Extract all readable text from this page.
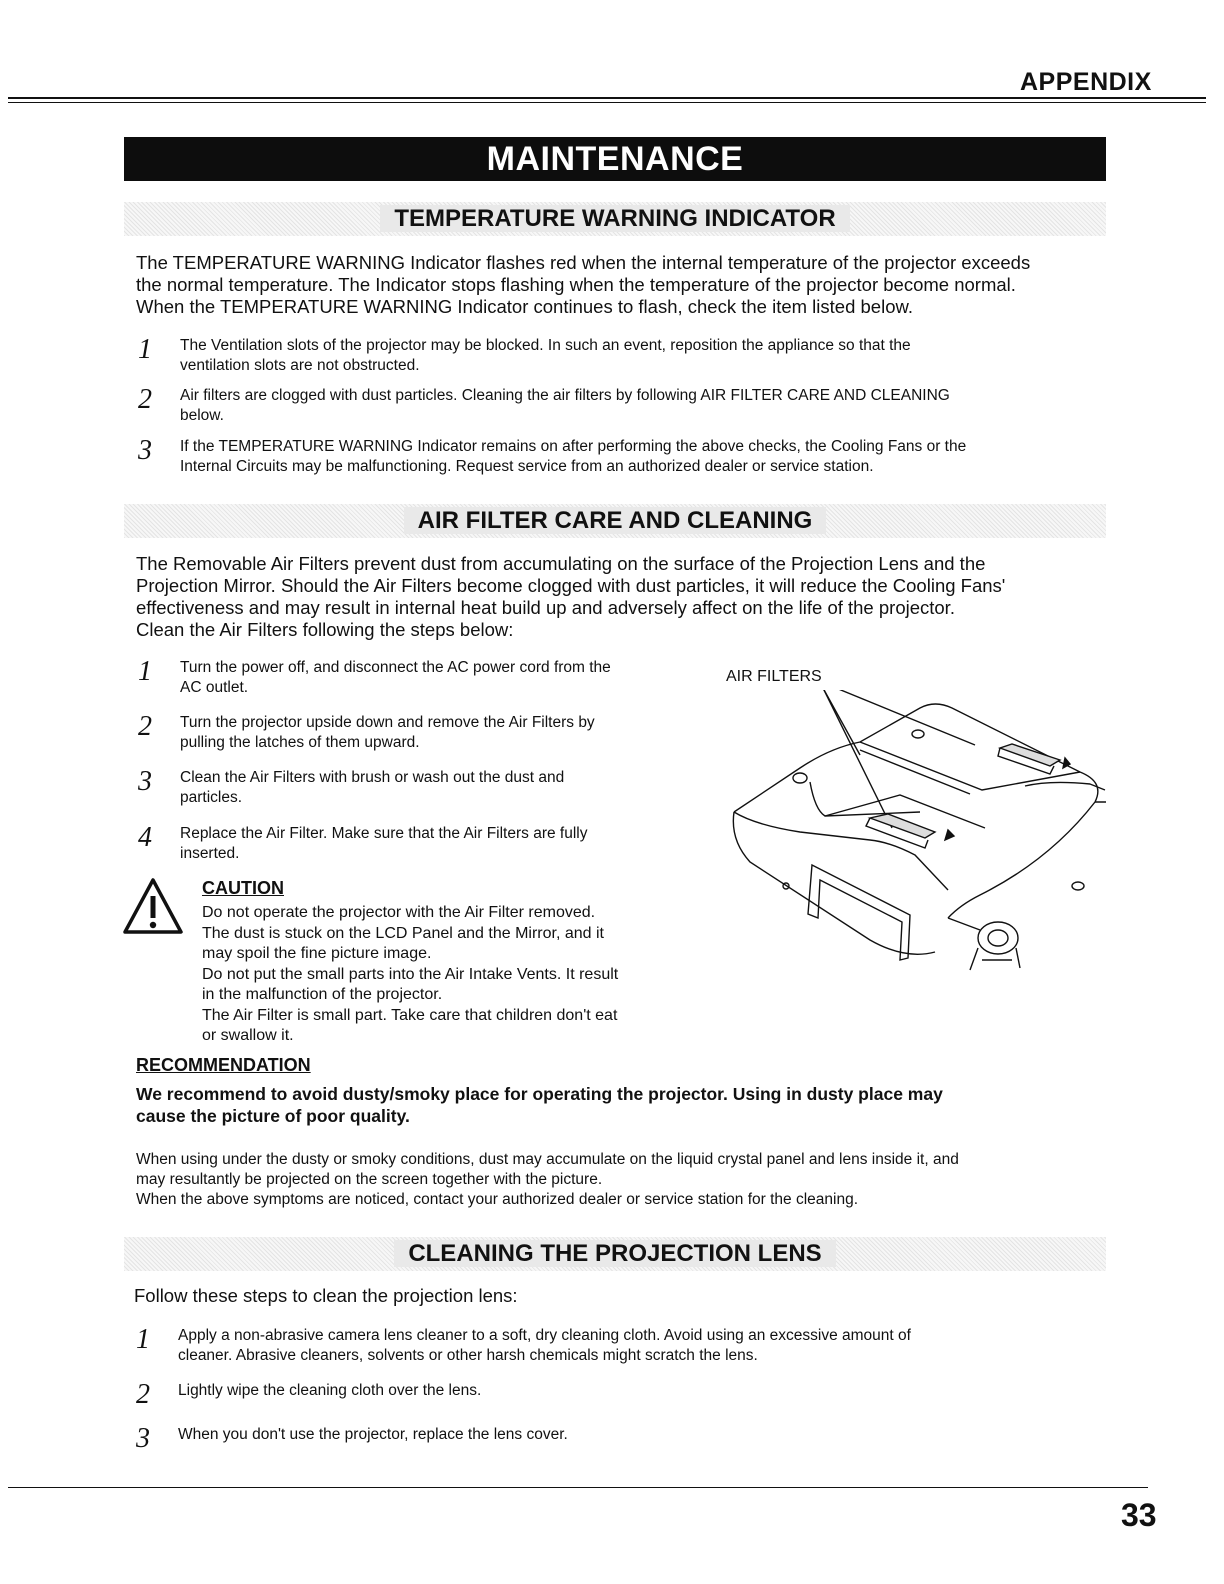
APPENDIX
MAINTENANCE
TEMPERATURE WARNING INDICATOR
The TEMPERATURE WARNING Indicator flashes red when the internal temperature of the projector exceeds
the normal temperature. The Indicator stops flashing when the temperature of the projector become normal.
When the TEMPERATURE WARNING Indicator continues to flash, check the item listed below.
1 The Ventilation slots of the projector may be blocked. In such an event, reposition the appliance so that the
ventilation slots are not obstructed.
2 Air filters are clogged with dust particles. Cleaning the air filters by following AIR FILTER CARE AND CLEANING
below.
3 If the TEMPERATURE WARNING Indicator remains on after performing the above checks, the Cooling Fans or the
Internal Circuits may be malfunctioning. Request service from an authorized dealer or service station.
AIR FILTER CARE AND CLEANING
The Removable Air Filters prevent dust from accumulating on the surface of the Projection Lens and the
Projection Mirror. Should the Air Filters become clogged with dust particles, it will reduce the Cooling Fans'
effectiveness and may result in internal heat build up and adversely affect on the life of the projector.
Clean the Air Filters following the steps below:
1 Turn the power off, and disconnect the AC power cord from the
AC outlet.
2 Turn the projector upside down and remove the Air Filters by
pulling the latches of them upward.
3 Clean the Air Filters with brush or wash out the dust and
particles.
4 Replace the Air Filter. Make sure that the Air Filters are fully
inserted.
CAUTION
Do not operate the projector with the Air Filter removed.
The dust is stuck on the LCD Panel and the Mirror, and it
may spoil the fine picture image.
Do not put the small parts into the Air Intake Vents. It result
in the malfunction of the projector.
The Air Filter is small part. Take care that children don't eat
or swallow it.
AIR FILTERS
RECOMMENDATION
We recommend to avoid dusty/smoky place for operating the projector. Using in dusty place may
cause the picture of poor quality.
When using under the dusty or smoky conditions, dust may accumulate on the liquid crystal panel and lens inside it, and
may resultantly be projected on the screen together with the picture.
When the above symptoms are noticed, contact your authorized dealer or service station for the cleaning.
CLEANING THE PROJECTION LENS
Follow these steps to clean the projection lens:
1 Apply a non-abrasive camera lens cleaner to a soft, dry cleaning cloth. Avoid using an excessive amount of
cleaner. Abrasive cleaners, solvents or other harsh chemicals might scratch the lens.
2 Lightly wipe the cleaning cloth over the lens.
3 When you don't use the projector, replace the lens cover.
33
